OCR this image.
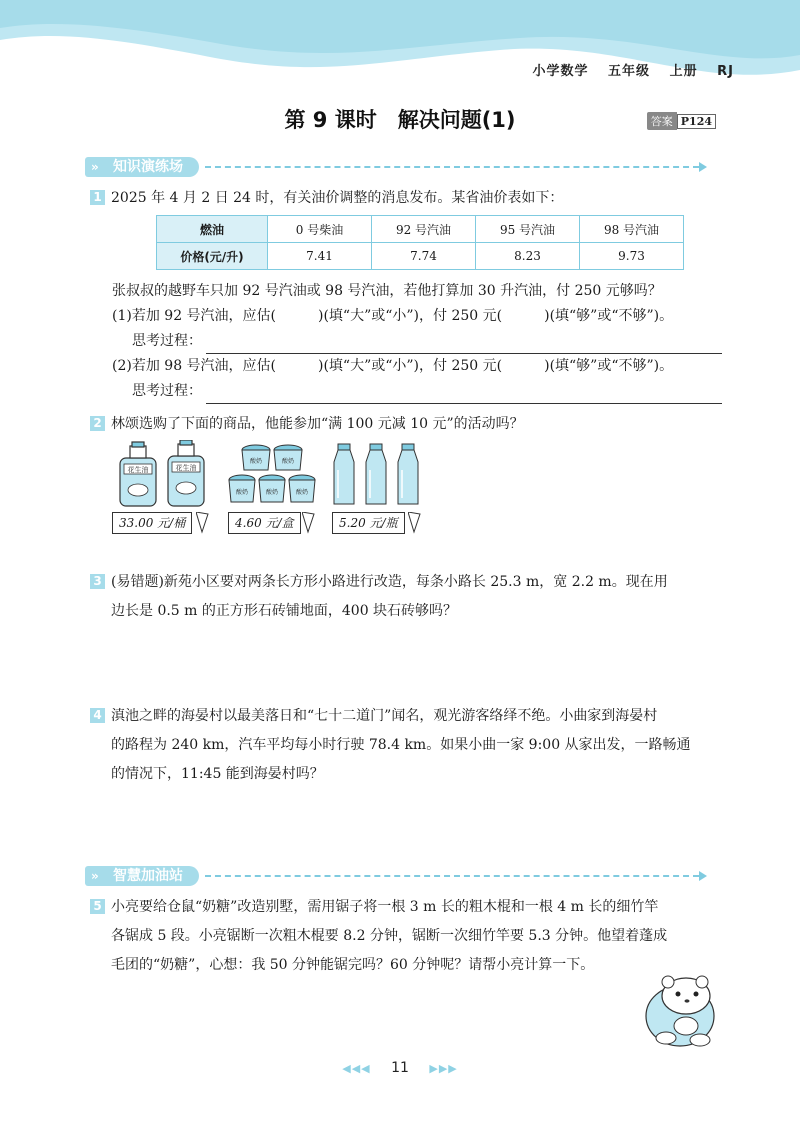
小学数学 五年级 上册 RJ
第 9 课时　解决问题(1)	答案 P124
» 知识演练场
1 2025 年 4 月 2 日 24 时，有关油价调整的消息发布。某省油价表如下：
燃油	0 号柴油	92 号汽油	95 号汽油	98 号汽油
价格(元/升)	7.41	7.74	8.23	9.73
张叔叔的越野车只加 92 号汽油或 98 号汽油，若他打算加 30 升汽油，付 250 元够吗？
(1)若加 92 号汽油，应估(　　　)(填“大”或“小”)，付 250 元(　　　)(填“够”或“不够”)。
思考过程：
(2)若加 98 号汽油，应估(　　　)(填“大”或“小”)，付 250 元(　　　)(填“够”或“不够”)。
思考过程：
2 林颂选购了下面的商品，他能参加“满 100 元减 10 元”的活动吗？
花生油	花生油
33.00 元/桶
酸奶	酸奶
酸奶	酸奶	酸奶
4.60 元/盒	5.20 元/瓶
3 (易错题)新苑小区要对两条长方形小路进行改造，每条小路长 25.3 m，宽 2.2 m。现在用
边长是 0.5 m 的正方形石砖铺地面，400 块石砖够吗？
4 滇池之畔的海晏村以最美落日和“七十二道门”闻名，观光游客络绎不绝。小曲家到海晏村
的路程为 240 km，汽车平均每小时行驶 78.4 km。如果小曲一家 9:00 从家出发，一路畅通
的情况下，11:45 能到海晏村吗？
» 智慧加油站
5 小亮要给仓鼠“奶糖”改造别墅，需用锯子将一根 3 m 长的粗木棍和一根 4 m 长的细竹竿
各锯成 5 段。小亮锯断一次粗木棍要 8.2 分钟，锯断一次细竹竿要 5.3 分钟。他望着蓬成
毛团的“奶糖”，心想：我 50 分钟能锯完吗？60 分钟呢？请帮小亮计算一下。
◀◀◀ 11 ▶▶▶
